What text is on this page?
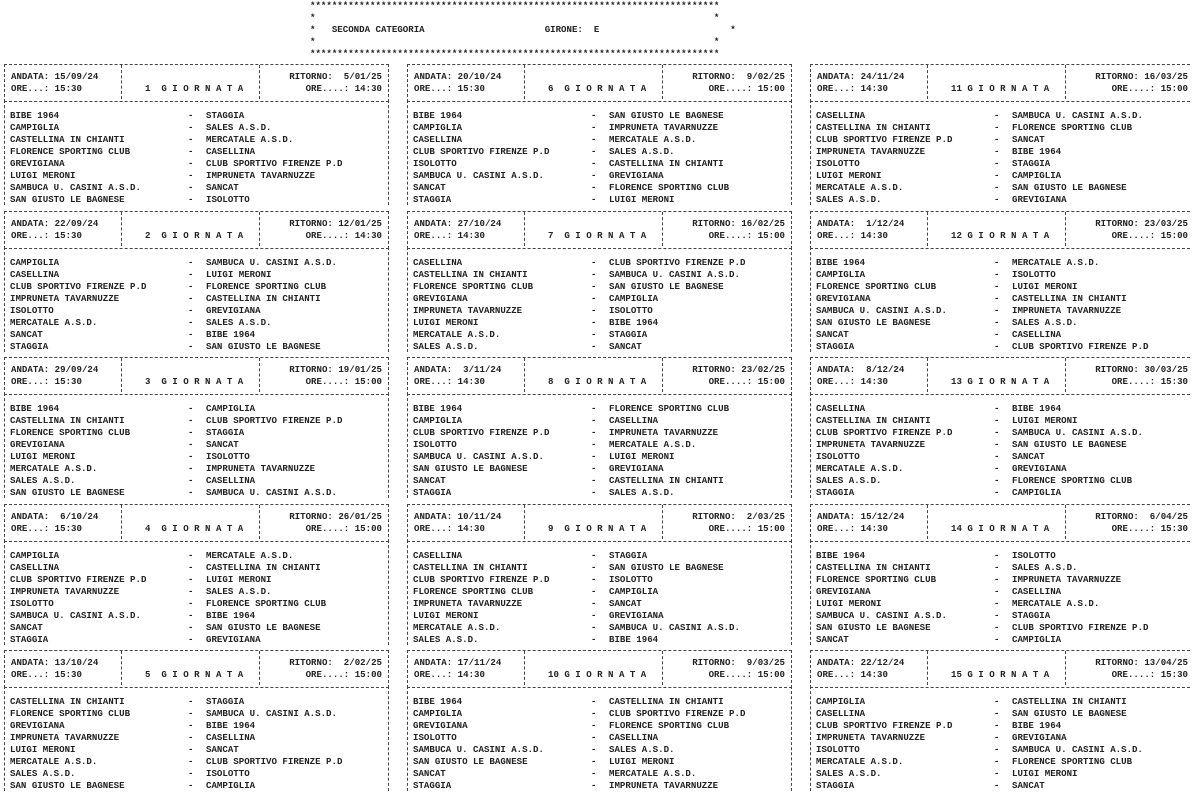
***************************************************************************
*                                                                         *
*   SECONDA CATEGORIA	GIRONE: E                        *
*                                                                         *
***************************************************************************
ANDATA: 15/09/24
ORE...: 15:30	1  G I O R N A T A
RITORNO:  5/01/25
ORE....: 14:30
BIBE 1964	- STAGGIA
CAMPIGLIA	- SALES A.S.D.
CASTELLINA IN CHIANTI	- MERCATALE A.S.D.
FLORENCE SPORTING CLUB	- CASELLINA
GREVIGIANA	- CLUB SPORTIVO FIRENZE P.D
LUIGI MERONI	- IMPRUNETA TAVARNUZZE
SAMBUCA U. CASINI A.S.D.	- SANCAT
SAN GIUSTO LE BAGNESE	- ISOLOTTO
ANDATA: 22/09/24
ORE...: 15:30	2  G I O R N A T A
RITORNO: 12/01/25
ORE....: 14:30
CAMPIGLIA	- SAMBUCA U. CASINI A.S.D.
CASELLINA	- LUIGI MERONI
CLUB SPORTIVO FIRENZE P.D	- FLORENCE SPORTING CLUB
IMPRUNETA TAVARNUZZE	- CASTELLINA IN CHIANTI
ISOLOTTO	- GREVIGIANA
MERCATALE A.S.D.	- SALES A.S.D.
SANCAT	- BIBE 1964
STAGGIA	- SAN GIUSTO LE BAGNESE
ANDATA: 29/09/24
ORE...: 15:30	3  G I O R N A T A
RITORNO: 19/01/25
ORE....: 15:00
BIBE 1964	- CAMPIGLIA
CASTELLINA IN CHIANTI	- CLUB SPORTIVO FIRENZE P.D
FLORENCE SPORTING CLUB	- STAGGIA
GREVIGIANA	- SANCAT
LUIGI MERONI	- ISOLOTTO
MERCATALE A.S.D.	- IMPRUNETA TAVARNUZZE
SALES A.S.D.	- CASELLINA
SAN GIUSTO LE BAGNESE	- SAMBUCA U. CASINI A.S.D.
ANDATA:  6/10/24
ORE...: 15:30	4  G I O R N A T A
RITORNO: 26/01/25
ORE....: 15:00
CAMPIGLIA	- MERCATALE A.S.D.
CASELLINA	- CASTELLINA IN CHIANTI
CLUB SPORTIVO FIRENZE P.D	- LUIGI MERONI
IMPRUNETA TAVARNUZZE	- SALES A.S.D.
ISOLOTTO	- FLORENCE SPORTING CLUB
SAMBUCA U. CASINI A.S.D.	- BIBE 1964
SANCAT	- SAN GIUSTO LE BAGNESE
STAGGIA	- GREVIGIANA
ANDATA: 13/10/24
ORE...: 15:30	5  G I O R N A T A
RITORNO:  2/02/25
ORE....: 15:00
CASTELLINA IN CHIANTI	- STAGGIA
FLORENCE SPORTING CLUB	- SAMBUCA U. CASINI A.S.D.
GREVIGIANA	- BIBE 1964
IMPRUNETA TAVARNUZZE	- CASELLINA
LUIGI MERONI	- SANCAT
MERCATALE A.S.D.	- CLUB SPORTIVO FIRENZE P.D
SALES A.S.D.	- ISOLOTTO
SAN GIUSTO LE BAGNESE	- CAMPIGLIA
ANDATA: 20/10/24
ORE...: 15:30	6  G I O R N A T A
RITORNO:  9/02/25
ORE....: 15:00
BIBE 1964	- SAN GIUSTO LE BAGNESE
CAMPIGLIA	- IMPRUNETA TAVARNUZZE
CASELLINA	- MERCATALE A.S.D.
CLUB SPORTIVO FIRENZE P.D	- SALES A.S.D.
ISOLOTTO	- CASTELLINA IN CHIANTI
SAMBUCA U. CASINI A.S.D.	- GREVIGIANA
SANCAT	- FLORENCE SPORTING CLUB
STAGGIA	- LUIGI MERONI
ANDATA: 27/10/24
ORE...: 14:30	7  G I O R N A T A
RITORNO: 16/02/25
ORE....: 15:00
CASELLINA	- CLUB SPORTIVO FIRENZE P.D
CASTELLINA IN CHIANTI	- SAMBUCA U. CASINI A.S.D.
FLORENCE SPORTING CLUB	- SAN GIUSTO LE BAGNESE
GREVIGIANA	- CAMPIGLIA
IMPRUNETA TAVARNUZZE	- ISOLOTTO
LUIGI MERONI	- BIBE 1964
MERCATALE A.S.D.	- STAGGIA
SALES A.S.D.	- SANCAT
ANDATA:  3/11/24
ORE...: 14:30	8  G I O R N A T A
RITORNO: 23/02/25
ORE....: 15:00
BIBE 1964	- FLORENCE SPORTING CLUB
CAMPIGLIA	- CASELLINA
CLUB SPORTIVO FIRENZE P.D	- IMPRUNETA TAVARNUZZE
ISOLOTTO	- MERCATALE A.S.D.
SAMBUCA U. CASINI A.S.D.	- LUIGI MERONI
SAN GIUSTO LE BAGNESE	- GREVIGIANA
SANCAT	- CASTELLINA IN CHIANTI
STAGGIA	- SALES A.S.D.
ANDATA: 10/11/24
ORE...: 14:30	9  G I O R N A T A
RITORNO:  2/03/25
ORE....: 15:00
CASELLINA	- STAGGIA
CASTELLINA IN CHIANTI	- SAN GIUSTO LE BAGNESE
CLUB SPORTIVO FIRENZE P.D	- ISOLOTTO
FLORENCE SPORTING CLUB	- CAMPIGLIA
IMPRUNETA TAVARNUZZE	- SANCAT
LUIGI MERONI	- GREVIGIANA
MERCATALE A.S.D.	- SAMBUCA U. CASINI A.S.D.
SALES A.S.D.	- BIBE 1964
ANDATA: 17/11/24
ORE...: 14:30	10 G I O R N A T A
RITORNO:  9/03/25
ORE....: 15:00
BIBE 1964	- CASTELLINA IN CHIANTI
CAMPIGLIA	- CLUB SPORTIVO FIRENZE P.D
GREVIGIANA	- FLORENCE SPORTING CLUB
ISOLOTTO	- CASELLINA
SAMBUCA U. CASINI A.S.D.	- SALES A.S.D.
SAN GIUSTO LE BAGNESE	- LUIGI MERONI
SANCAT	- MERCATALE A.S.D.
STAGGIA	- IMPRUNETA TAVARNUZZE
ANDATA: 24/11/24
ORE...: 14:30	11 G I O R N A T A
RITORNO: 16/03/25
ORE....: 15:00
CASELLINA	- SAMBUCA U. CASINI A.S.D.
CASTELLINA IN CHIANTI	- FLORENCE SPORTING CLUB
CLUB SPORTIVO FIRENZE P.D	- SANCAT
IMPRUNETA TAVARNUZZE	- BIBE 1964
ISOLOTTO	- STAGGIA
LUIGI MERONI	- CAMPIGLIA
MERCATALE A.S.D.	- SAN GIUSTO LE BAGNESE
SALES A.S.D.	- GREVIGIANA
ANDATA:  1/12/24
ORE...: 14:30	12 G I O R N A T A
RITORNO: 23/03/25
ORE....: 15:00
BIBE 1964	- MERCATALE A.S.D.
CAMPIGLIA	- ISOLOTTO
FLORENCE SPORTING CLUB	- LUIGI MERONI
GREVIGIANA	- CASTELLINA IN CHIANTI
SAMBUCA U. CASINI A.S.D.	- IMPRUNETA TAVARNUZZE
SAN GIUSTO LE BAGNESE	- SALES A.S.D.
SANCAT	- CASELLINA
STAGGIA	- CLUB SPORTIVO FIRENZE P.D
ANDATA:  8/12/24
ORE...: 14:30	13 G I O R N A T A
RITORNO: 30/03/25
ORE....: 15:30
CASELLINA	- BIBE 1964
CASTELLINA IN CHIANTI	- LUIGI MERONI
CLUB SPORTIVO FIRENZE P.D	- SAMBUCA U. CASINI A.S.D.
IMPRUNETA TAVARNUZZE	- SAN GIUSTO LE BAGNESE
ISOLOTTO	- SANCAT
MERCATALE A.S.D.	- GREVIGIANA
SALES A.S.D.	- FLORENCE SPORTING CLUB
STAGGIA	- CAMPIGLIA
ANDATA: 15/12/24
ORE...: 14:30	14 G I O R N A T A
RITORNO:  6/04/25
ORE....: 15:30
BIBE 1964	- ISOLOTTO
CASTELLINA IN CHIANTI	- SALES A.S.D.
FLORENCE SPORTING CLUB	- IMPRUNETA TAVARNUZZE
GREVIGIANA	- CASELLINA
LUIGI MERONI	- MERCATALE A.S.D.
SAMBUCA U. CASINI A.S.D.	- STAGGIA
SAN GIUSTO LE BAGNESE	- CLUB SPORTIVO FIRENZE P.D
SANCAT	- CAMPIGLIA
ANDATA: 22/12/24
ORE...: 14:30	15 G I O R N A T A
RITORNO: 13/04/25
ORE....: 15:30
CAMPIGLIA	- CASTELLINA IN CHIANTI
CASELLINA	- SAN GIUSTO LE BAGNESE
CLUB SPORTIVO FIRENZE P.D	- BIBE 1964
IMPRUNETA TAVARNUZZE	- GREVIGIANA
ISOLOTTO	- SAMBUCA U. CASINI A.S.D.
MERCATALE A.S.D.	- FLORENCE SPORTING CLUB
SALES A.S.D.	- LUIGI MERONI
STAGGIA	- SANCAT
